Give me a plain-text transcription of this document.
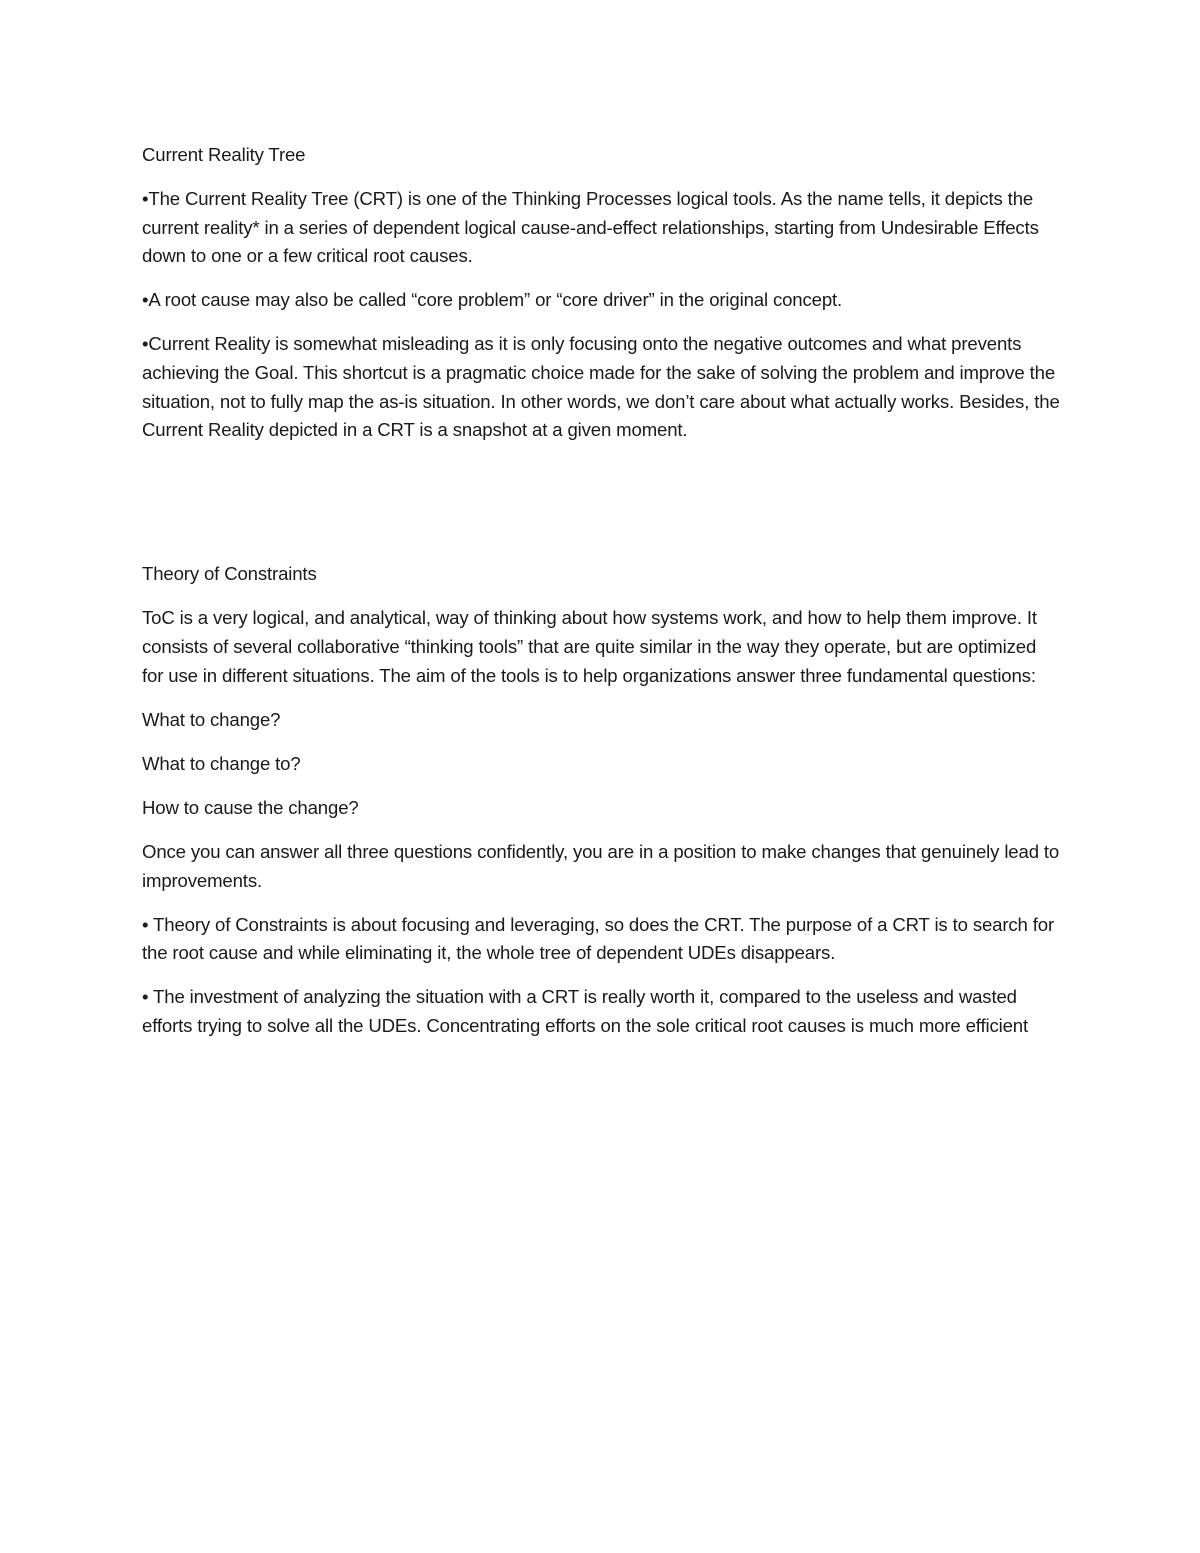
Current Reality Tree

•The Current Reality Tree (CRT) is one of the Thinking Processes logical tools. As the name tells, it depicts the current reality* in a series of dependent logical cause-and-effect relationships, starting from Undesirable Effects down to one or a few critical root causes.

•A root cause may also be called “core problem” or “core driver” in the original concept.

•Current Reality is somewhat misleading as it is only focusing onto the negative outcomes and what prevents achieving the Goal. This shortcut is a pragmatic choice made for the sake of solving the problem and improve the situation, not to fully map the as-is situation. In other words, we don’t care about what actually works. Besides, the Current Reality depicted in a CRT is a snapshot at a given moment.

Theory of Constraints

ToC is a very logical, and analytical, way of thinking about how systems work, and how to help them improve. It consists of several collaborative “thinking tools” that are quite similar in the way they operate, but are optimized for use in different situations. The aim of the tools is to help organizations answer three fundamental questions:

What to change?

What to change to?

How to cause the change?

Once you can answer all three questions confidently, you are in a position to make changes that genuinely lead to improvements.

• Theory of Constraints is about focusing and leveraging, so does the CRT. The purpose of a CRT is to search for the root cause and while eliminating it, the whole tree of dependent UDEs disappears.

• The investment of analyzing the situation with a CRT is really worth it, compared to the useless and wasted efforts trying to solve all the UDEs. Concentrating efforts on the sole critical root causes is much more efficient
